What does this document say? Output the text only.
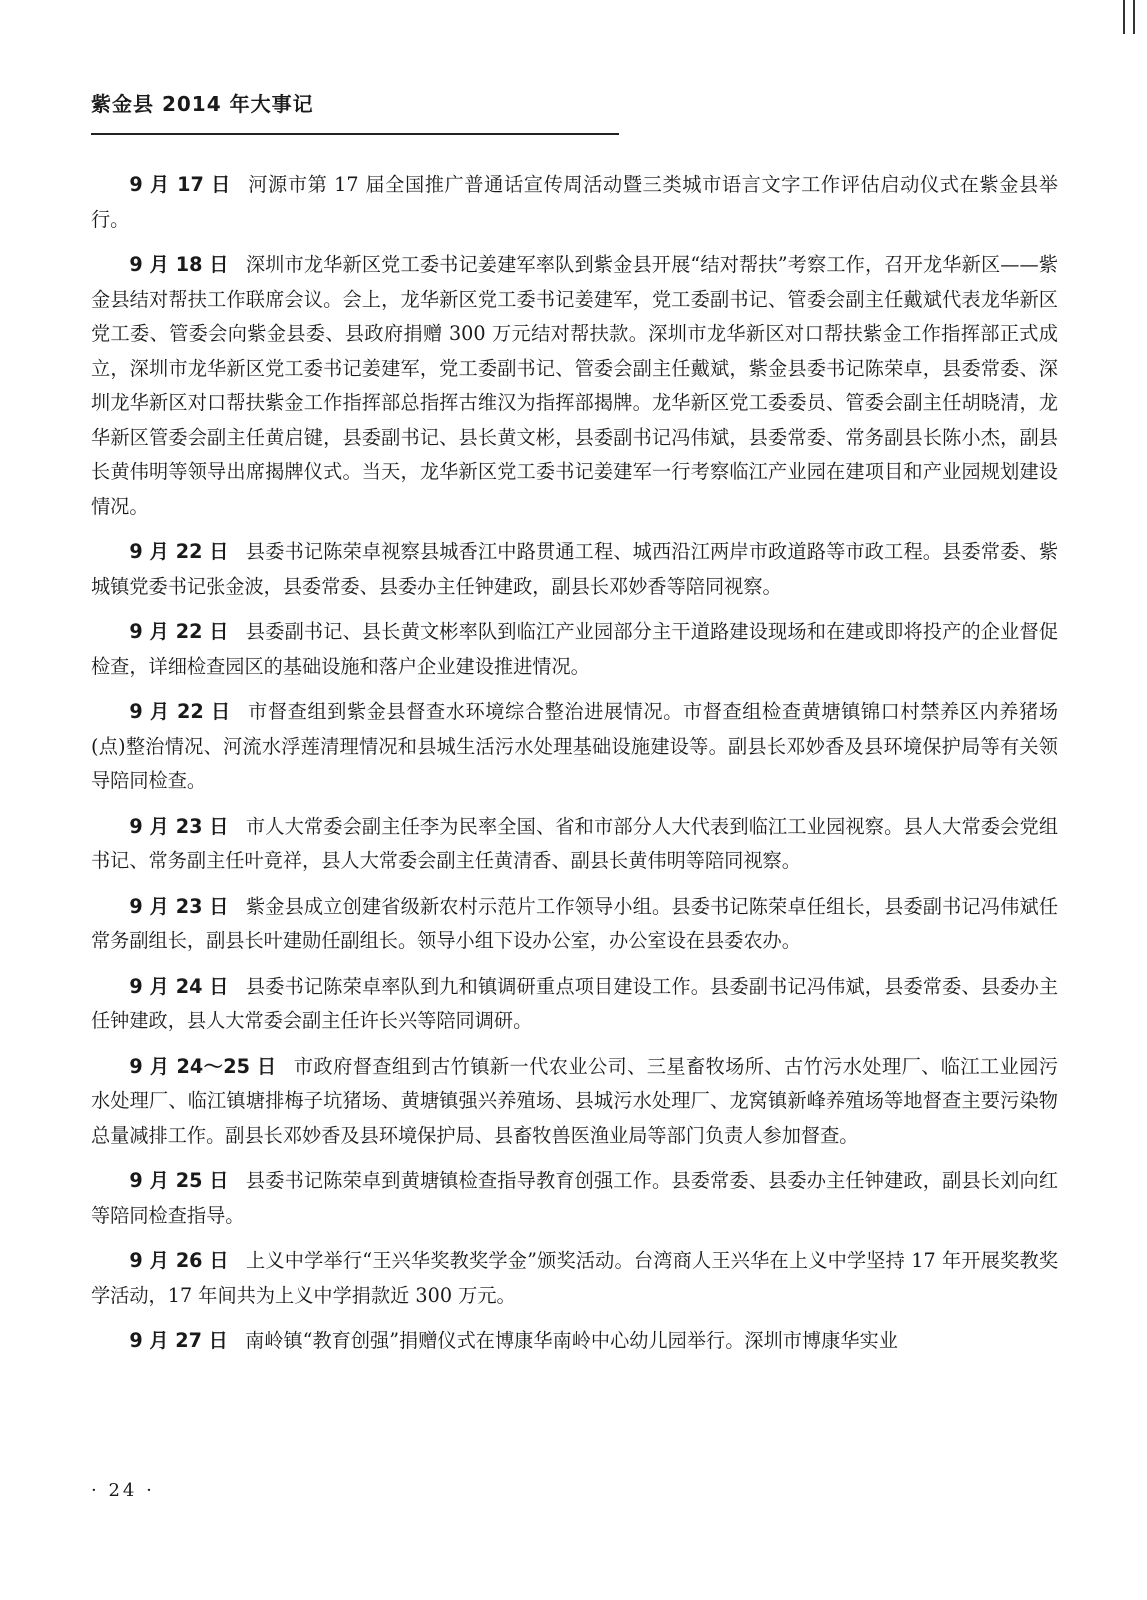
紫金县 2014 年大事记

9 月 17 日 河源市第 17 届全国推广普通话宣传周活动暨三类城市语言文字工作评估启动仪式在紫金县举行。

9 月 18 日 深圳市龙华新区党工委书记姜建军率队到紫金县开展“结对帮扶”考察工作，召开龙华新区——紫金县结对帮扶工作联席会议。会上，龙华新区党工委书记姜建军，党工委副书记、管委会副主任戴斌代表龙华新区党工委、管委会向紫金县委、县政府捐赠 300 万元结对帮扶款。深圳市龙华新区对口帮扶紫金工作指挥部正式成立，深圳市龙华新区党工委书记姜建军，党工委副书记、管委会副主任戴斌，紫金县委书记陈荣卓，县委常委、深圳龙华新区对口帮扶紫金工作指挥部总指挥古维汉为指挥部揭牌。龙华新区党工委委员、管委会副主任胡晓清，龙华新区管委会副主任黄启键，县委副书记、县长黄文彬，县委副书记冯伟斌，县委常委、常务副县长陈小杰，副县长黄伟明等领导出席揭牌仪式。当天，龙华新区党工委书记姜建军一行考察临江产业园在建项目和产业园规划建设情况。

9 月 22 日 县委书记陈荣卓视察县城香江中路贯通工程、城西沿江两岸市政道路等市政工程。县委常委、紫城镇党委书记张金波，县委常委、县委办主任钟建政，副县长邓妙香等陪同视察。

9 月 22 日 县委副书记、县长黄文彬率队到临江产业园部分主干道路建设现场和在建或即将投产的企业督促检查，详细检查园区的基础设施和落户企业建设推进情况。

9 月 22 日 市督查组到紫金县督查水环境综合整治进展情况。市督查组检查黄塘镇锦口村禁养区内养猪场(点)整治情况、河流水浮莲清理情况和县城生活污水处理基础设施建设等。副县长邓妙香及县环境保护局等有关领导陪同检查。

9 月 23 日 市人大常委会副主任李为民率全国、省和市部分人大代表到临江工业园视察。县人大常委会党组书记、常务副主任叶竟祥，县人大常委会副主任黄清香、副县长黄伟明等陪同视察。

9 月 23 日 紫金县成立创建省级新农村示范片工作领导小组。县委书记陈荣卓任组长，县委副书记冯伟斌任常务副组长，副县长叶建勋任副组长。领导小组下设办公室，办公室设在县委农办。

9 月 24 日 县委书记陈荣卓率队到九和镇调研重点项目建设工作。县委副书记冯伟斌，县委常委、县委办主任钟建政，县人大常委会副主任许长兴等陪同调研。

9 月 24～25 日 市政府督查组到古竹镇新一代农业公司、三星畜牧场所、古竹污水处理厂、临江工业园污水处理厂、临江镇塘排梅子坑猪场、黄塘镇强兴养殖场、县城污水处理厂、龙窝镇新峰养殖场等地督查主要污染物总量减排工作。副县长邓妙香及县环境保护局、县畜牧兽医渔业局等部门负责人参加督查。

9 月 25 日 县委书记陈荣卓到黄塘镇检查指导教育创强工作。县委常委、县委办主任钟建政，副县长刘向红等陪同检查指导。

9 月 26 日 上义中学举行“王兴华奖教奖学金”颁奖活动。台湾商人王兴华在上义中学坚持 17 年开展奖教奖学活动，17 年间共为上义中学捐款近 300 万元。

9 月 27 日 南岭镇“教育创强”捐赠仪式在博康华南岭中心幼儿园举行。深圳市博康华实业

· 24 ·
